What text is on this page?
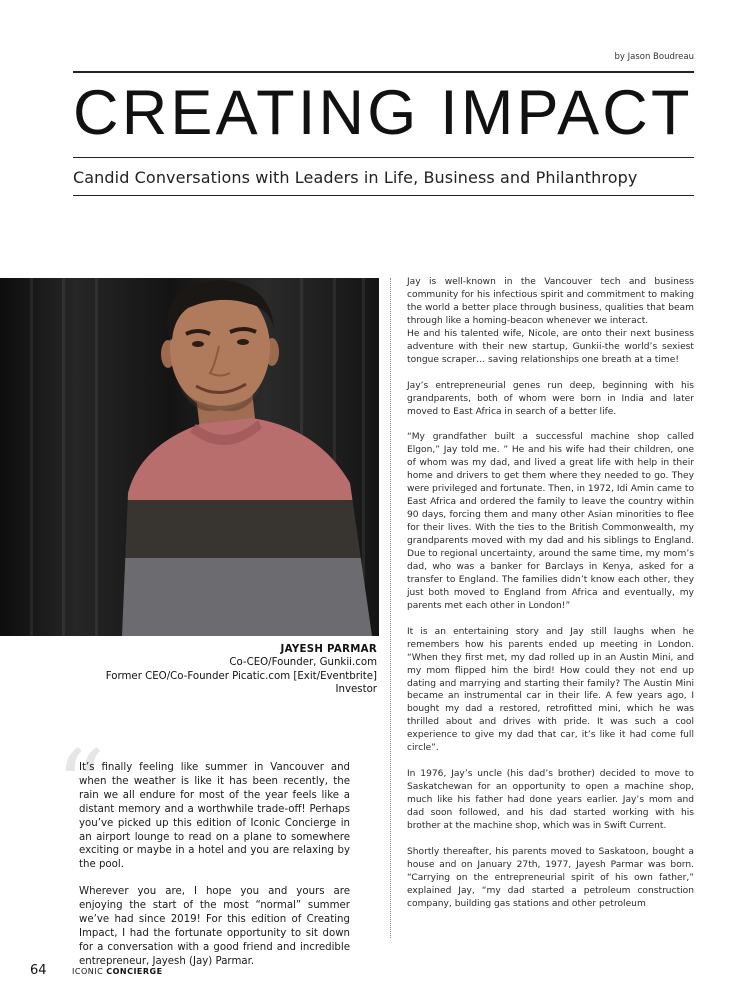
by Jason Boudreau
CREATING IMPACT
Candid Conversations with Leaders in Life, Business and Philanthropy
JAYESH PARMAR
Co-CEO/Founder, Gunkii.com
Former CEO/Co-Founder Picatic.com [Exit/Eventbrite]
Investor
“

It’s finally feeling like summer in Vancouver and when the weather is like it has been recently, the rain we all endure for most of the year feels like a distant memory and a worthwhile trade-off! Perhaps you’ve picked up this edition of Iconic Concierge in an airport lounge to read on a plane to somewhere exciting or maybe in a hotel and you are relaxing by the pool.

Wherever you are, I hope you and yours are enjoying the start of the most “normal” summer we’ve had since 2019! For this edition of Creating Impact, I had the fortunate opportunity to sit down for a conversation with a good friend and incredible entrepreneur, Jayesh (Jay) Parmar.

Jay is well-known in the Vancouver tech and business community for his infectious spirit and commitment to making the world a better place through business, qualities that beam through like a homing-beacon whenever we interact.

He and his talented wife, Nicole, are onto their next business adventure with their new startup, Gunkii-the world’s sexiest tongue scraper… saving relationships one breath at a time!

Jay’s entrepreneurial genes run deep, beginning with his grandparents, both of whom were born in India and later moved to East Africa in search of a better life.

“My grandfather built a successful machine shop called Elgon,” Jay told me. ” He and his wife had their children, one of whom was my dad, and lived a great life with help in their home and drivers to get them where they needed to go. They were privileged and fortunate. Then, in 1972, Idi Amin came to East Africa and ordered the family to leave the country within 90 days, forcing them and many other Asian minorities to flee for their lives. With the ties to the British Commonwealth, my grandparents moved with my dad and his siblings to England. Due to regional uncertainty, around the same time, my mom’s dad, who was a banker for Barclays in Kenya, asked for a transfer to England. The families didn’t know each other, they just both moved to England from Africa and eventually, my parents met each other in London!”

It is an entertaining story and Jay still laughs when he remembers how his parents ended up meeting in London. “When they first met, my dad rolled up in an Austin Mini, and my mom flipped him the bird! How could they not end up dating and marrying and starting their family? The Austin Mini became an instrumental car in their life. A few years ago, I bought my dad a restored, retrofitted mini, which he was thrilled about and drives with pride. It was such a cool experience to give my dad that car, it’s like it had come full circle”.

In 1976, Jay’s uncle (his dad’s brother) decided to move to Saskatchewan for an opportunity to open a machine shop, much like his father had done years earlier. Jay’s mom and dad soon followed, and his dad started working with his brother at the machine shop, which was in Swift Current.

Shortly thereafter, his parents moved to Saskatoon, bought a house and on January 27th, 1977, Jayesh Parmar was born. “Carrying on the entrepreneurial spirit of his own father,” explained Jay, “my dad started a petroleum construction company, building gas stations and other petroleum

64	ICONIC CONCIERGE
